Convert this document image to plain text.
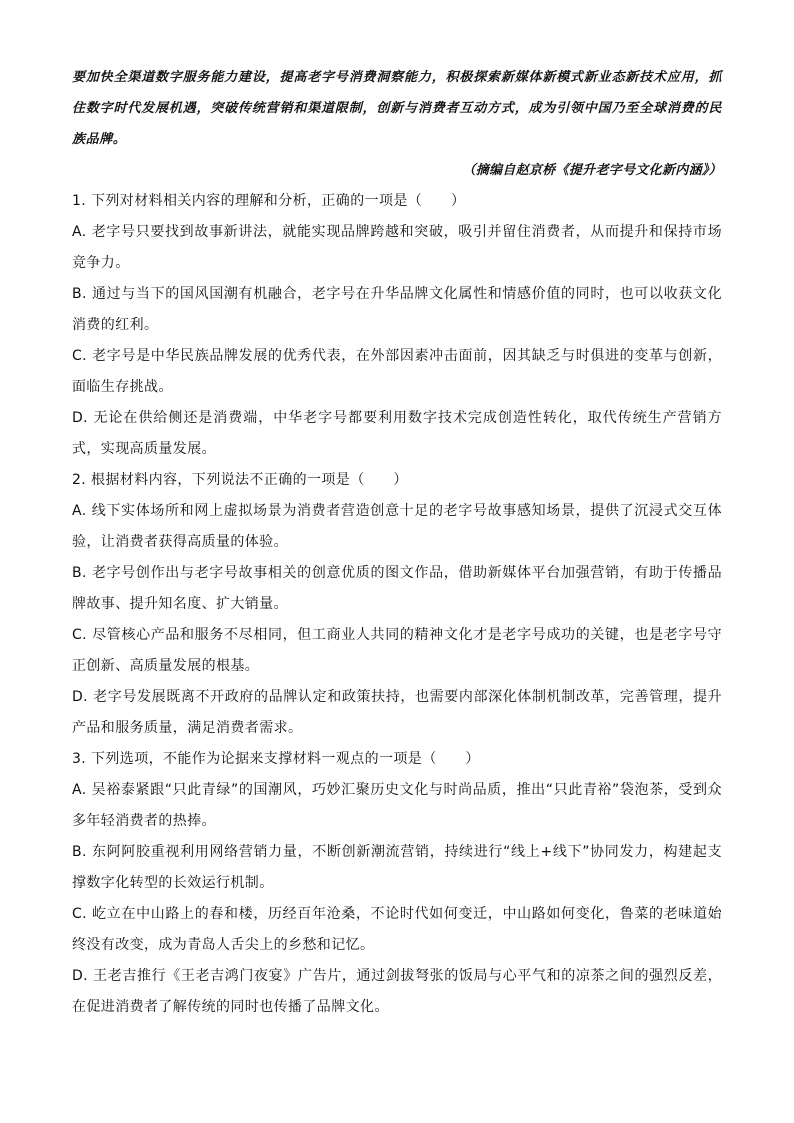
要加快全渠道数字服务能力建设，提高老字号消费洞察能力，积极探索新媒体新模式新业态新技术应用，抓住数字时代发展机遇，突破传统营销和渠道限制，创新与消费者互动方式，成为引领中国乃至全球消费的民族品牌。

（摘编自赵京桥《提升老字号文化新内涵》）

1. 下列对材料相关内容的理解和分析，正确的一项是（　　）

A. 老字号只要找到故事新讲法，就能实现品牌跨越和突破，吸引并留住消费者，从而提升和保持市场竞争力。

B. 通过与当下的国风国潮有机融合，老字号在升华品牌文化属性和情感价值的同时，也可以收获文化消费的红利。

C. 老字号是中华民族品牌发展的优秀代表，在外部因素冲击面前，因其缺乏与时俱进的变革与创新，面临生存挑战。

D. 无论在供给侧还是消费端，中华老字号都要利用数字技术完成创造性转化，取代传统生产营销方式，实现高质量发展。

2. 根据材料内容，下列说法不正确的一项是（　　）

A. 线下实体场所和网上虚拟场景为消费者营造创意十足的老字号故事感知场景，提供了沉浸式交互体验，让消费者获得高质量的体验。

B. 老字号创作出与老字号故事相关的创意优质的图文作品，借助新媒体平台加强营销，有助于传播品牌故事、提升知名度、扩大销量。

C. 尽管核心产品和服务不尽相同，但工商业人共同的精神文化才是老字号成功的关键，也是老字号守正创新、高质量发展的根基。

D. 老字号发展既离不开政府的品牌认定和政策扶持，也需要内部深化体制机制改革，完善管理，提升产品和服务质量，满足消费者需求。

3. 下列选项，不能作为论据来支撑材料一观点的一项是（　　）

A. 吴裕泰紧跟“只此青绿”的国潮风，巧妙汇聚历史文化与时尚品质，推出“只此青裕”袋泡茶，受到众多年轻消费者的热捧。

B. 东阿阿胶重视利用网络营销力量，不断创新潮流营销，持续进行“线上+线下”协同发力，构建起支撑数字化转型的长效运行机制。

C. 屹立在中山路上的春和楼，历经百年沧桑，不论时代如何变迁，中山路如何变化，鲁菜的老味道始终没有改变，成为青岛人舌尖上的乡愁和记忆。

D. 王老吉推行《王老吉鸿门夜宴》广告片，通过剑拔弩张的饭局与心平气和的凉茶之间的强烈反差，在促进消费者了解传统的同时也传播了品牌文化。
